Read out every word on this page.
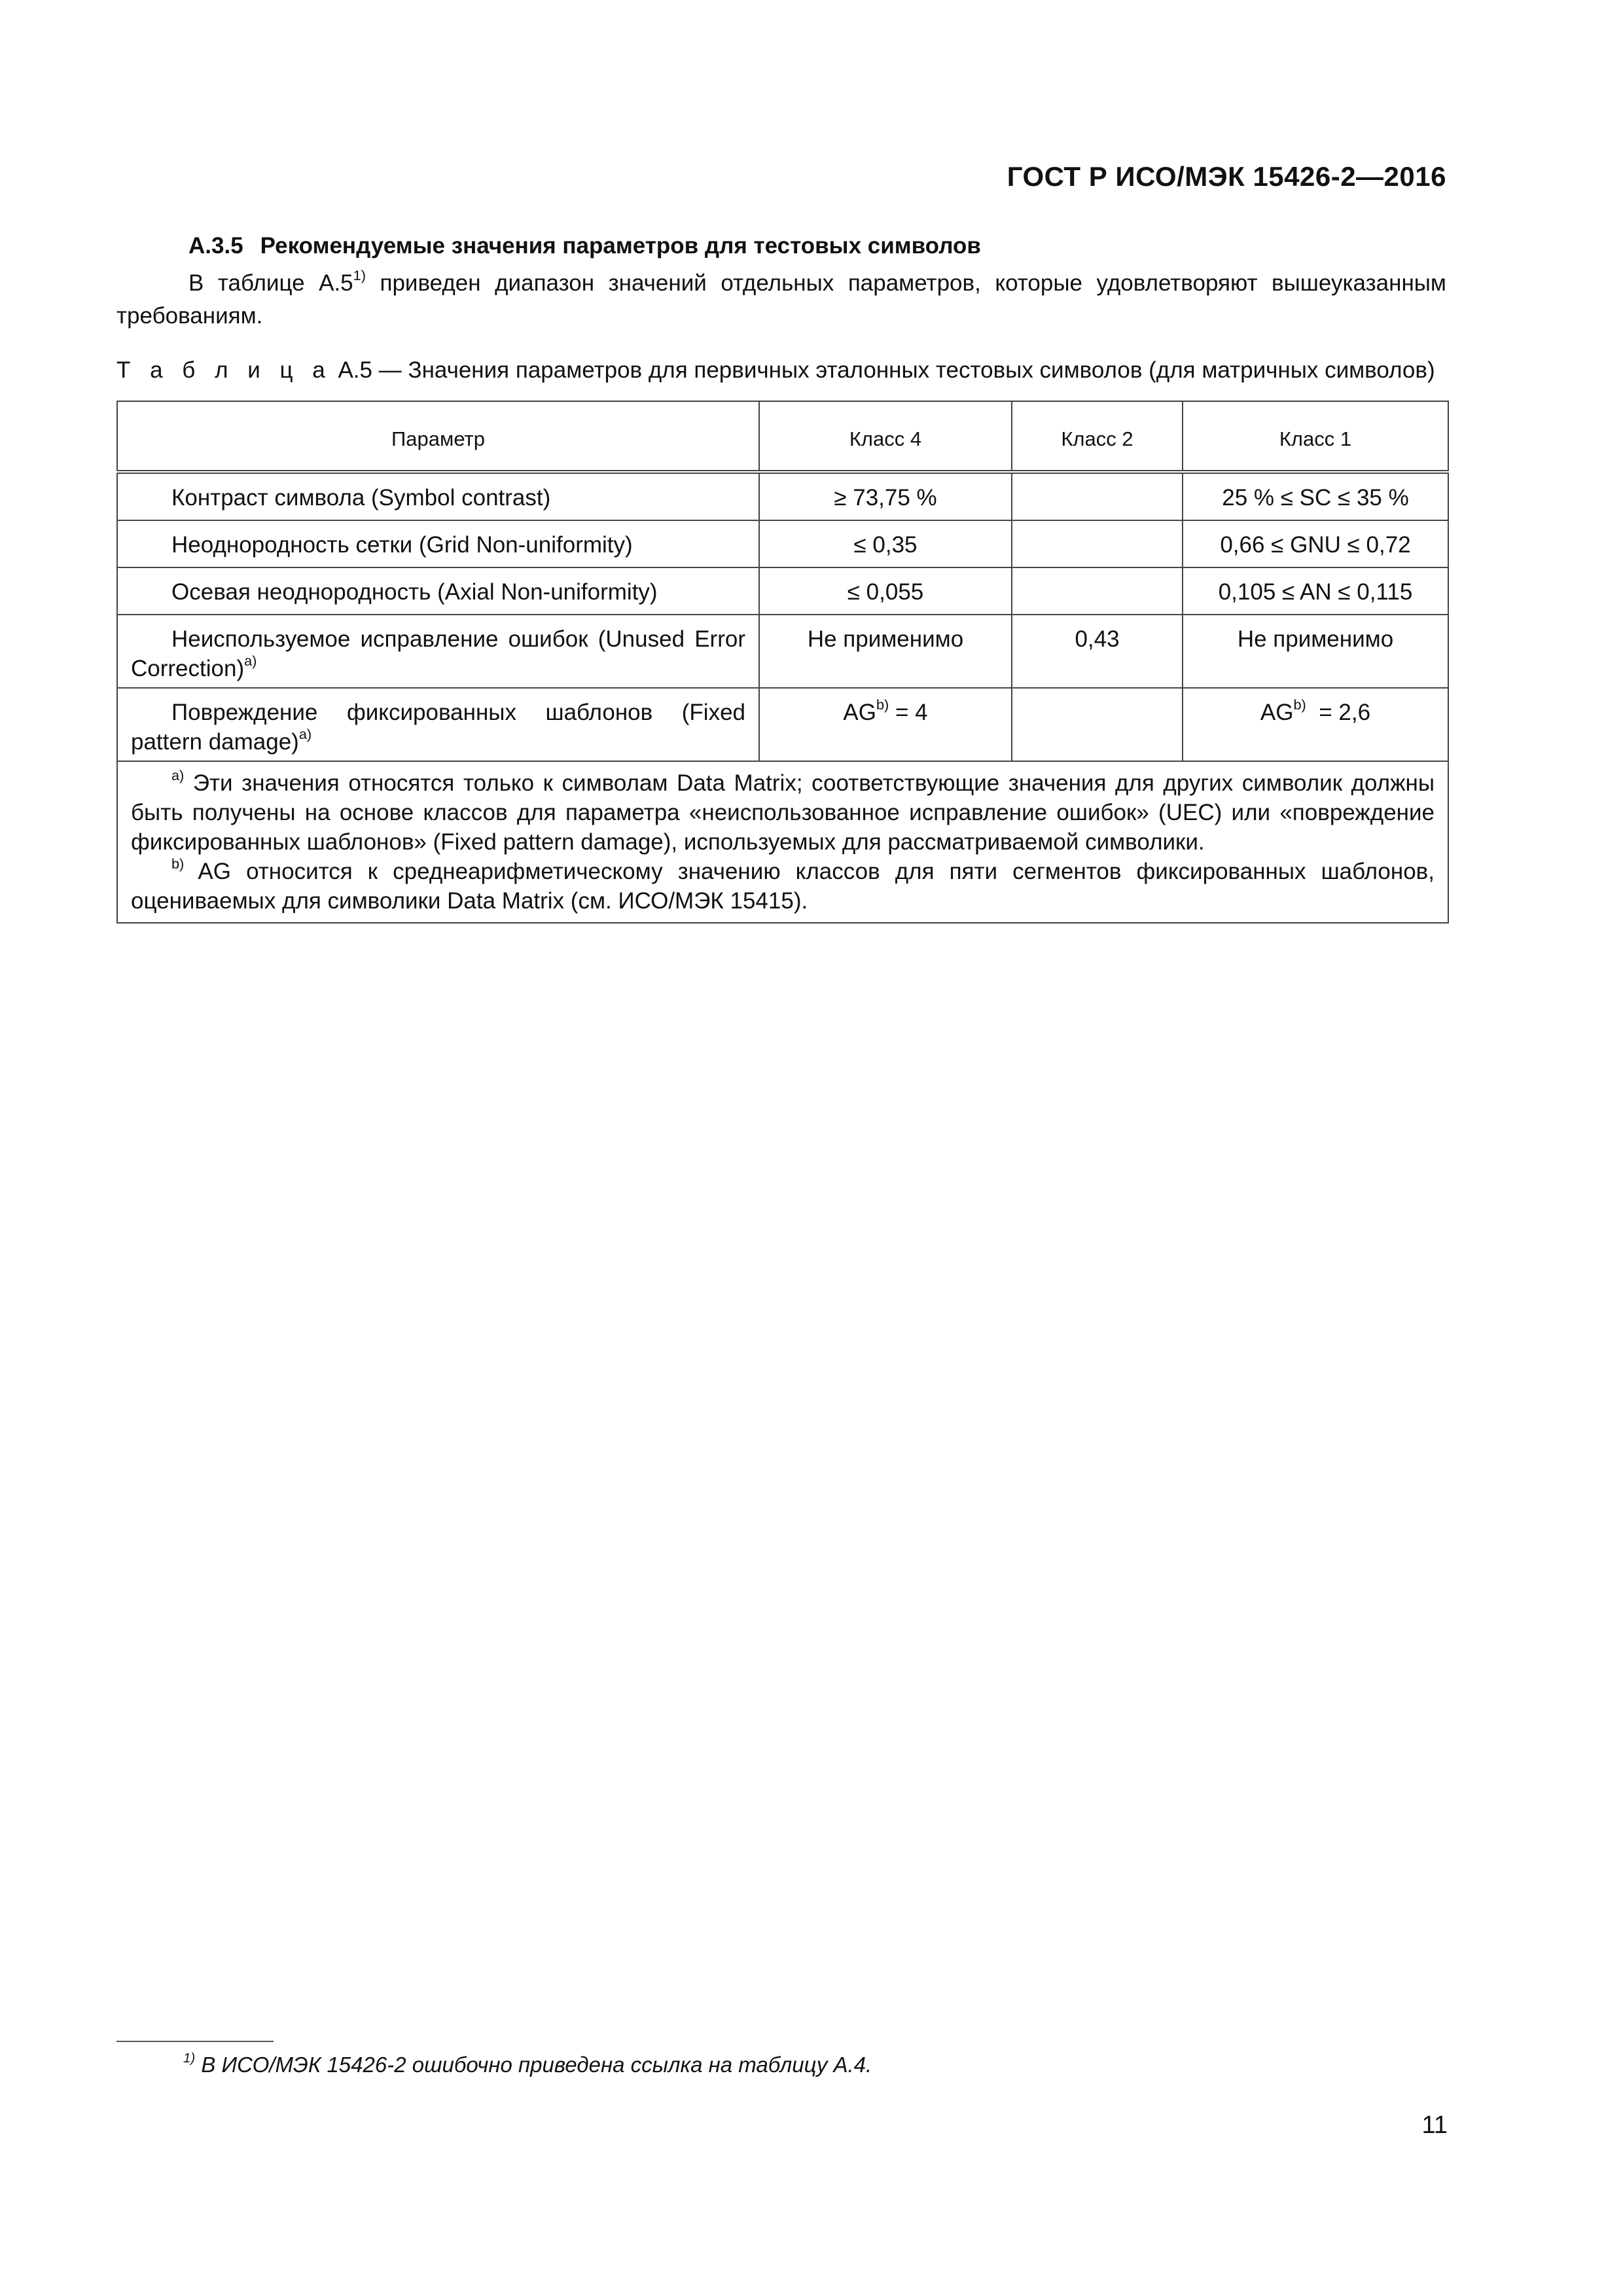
ГОСТ Р ИСО/МЭК 15426-2—2016
A.3.5 Рекомендуемые значения параметров для тестовых символов
В таблице А.5$^{1)}$ приведен диапазон значений отдельных параметров, которые удовлетворяют вышеуказанным требованиям.
Т а б л и ц а А.5 — Значения параметров для первичных эталонных тестовых символов (для матричных символов)
Параметр	Класс 4	Класс 2	Класс 1
Контраст символа (Symbol contrast)	≥ 73,75 %		25 % ≤ SC ≤ 35 %
Неоднородность сетки (Grid Non-uniformity)	≤ 0,35		0,66 ≤ GNU ≤ 0,72
Осевая неоднородность (Axial Non-uniformity)	≤ 0,055		0,105 ≤ AN ≤ 0,115
Неиспользуемое исправление ошибок (Unused Error Correction)$^{a)}$	Не применимо	0,43	Не применимо
Повреждение фиксированных шаблонов (Fixed pattern damage)$^{a)}$	$AG^{b)} = 4$		AG$^{b)}$  = 2,6

$^{a)}$ Эти значения относятся только к символам Data Matrix; соответствующие значения для других символик должны быть получены на основе классов для параметра «неиспользованное исправление ошибок» (UEC) или «повреждение фиксированных шаблонов» (Fixed pattern damage), используемых для рассматриваемой символики.
$^{b)}$ AG относится к среднеарифметическому значению классов для пяти сегментов фиксированных шаблонов, оцениваемых для символики Data Matrix (см. ИСО/МЭК 15415).			
$^{1)}$ В ИСО/МЭК 15426-2 ошибочно приведена ссылка на таблицу А.4.
11
